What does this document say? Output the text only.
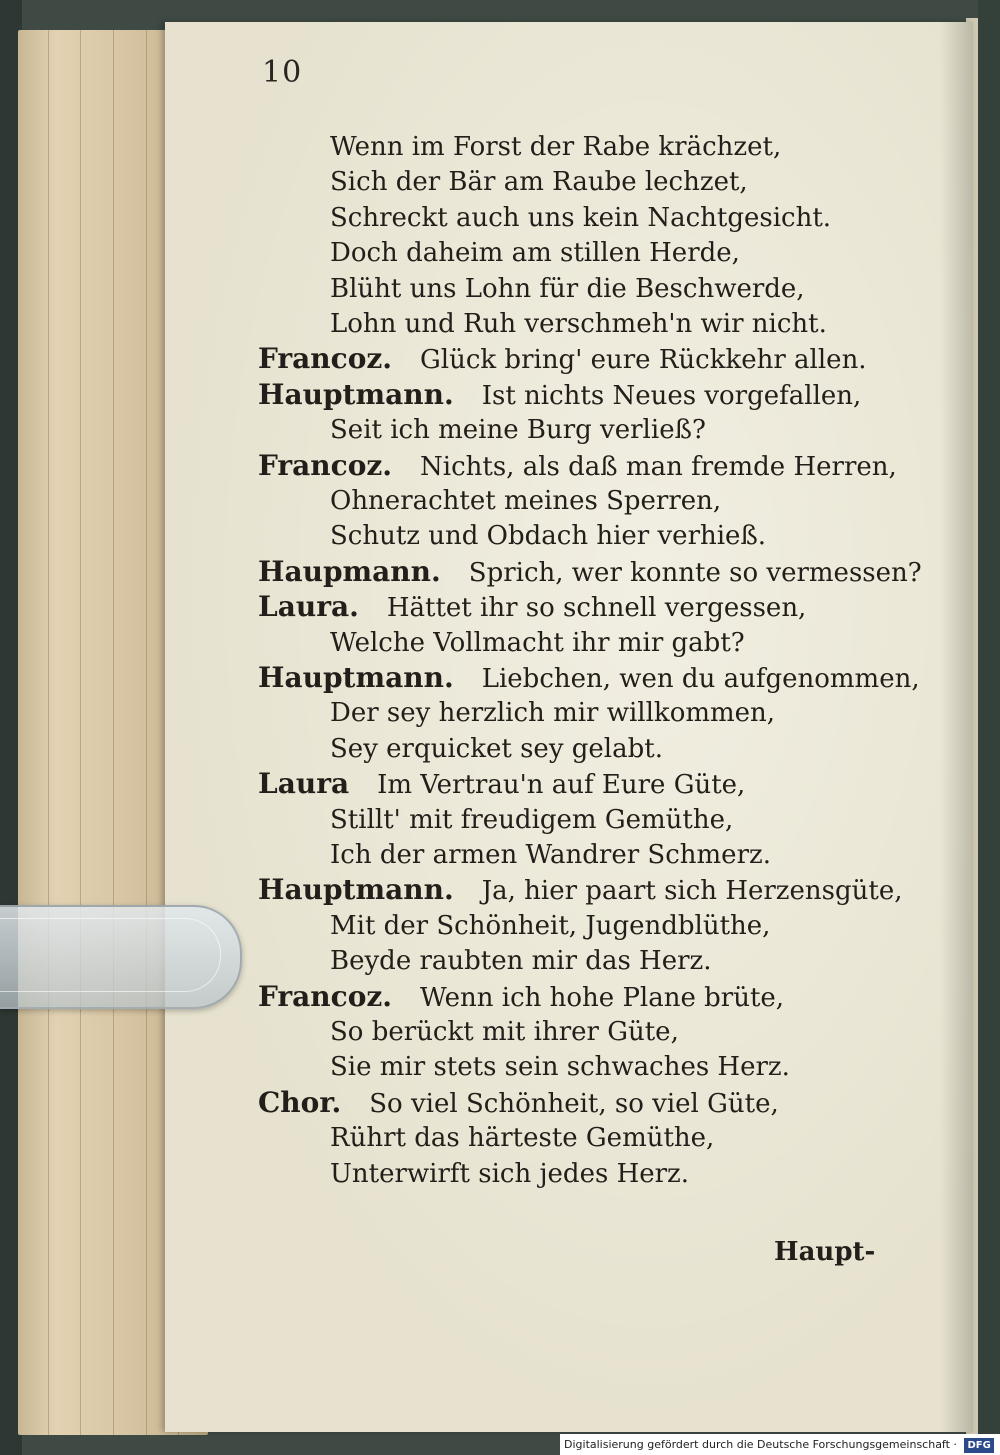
10
Wenn im Forst der Rabe krächzet,
Sich der Bär am Raube lechzet,
Schreckt auch uns kein Nachtgesicht.
Doch daheim am stillen Herde,
Blüht uns Lohn für die Beschwerde,
Lohn und Ruh verschmeh'n wir nicht.
Francoz. Glück bring' eure Rückkehr allen.
Hauptmann. Ist nichts Neues vorgefallen,
Seit ich meine Burg verließ?
Francoz. Nichts, als daß man fremde Herren,
Ohnerachtet meines Sperren,
Schutz und Obdach hier verhieß.
Haupmann. Sprich, wer konnte so vermessen?
Laura. Hättet ihr so schnell vergessen,
Welche Vollmacht ihr mir gabt?
Hauptmann. Liebchen, wen du aufgenommen,
Der sey herzlich mir willkommen,
Sey erquicket sey gelabt.
Laura Im Vertrau'n auf Eure Güte,
Stillt' mit freudigem Gemüthe,
Ich der armen Wandrer Schmerz.
Hauptmann. Ja, hier paart sich Herzensgüte,
Mit der Schönheit, Jugendblüthe,
Beyde raubten mir das Herz.
Francoz. Wenn ich hohe Plane brüte,
So berückt mit ihrer Güte,
Sie mir stets sein schwaches Herz.
Chor. So viel Schönheit, so viel Güte,
Rührt das härteste Gemüthe,
Unterwirft sich jedes Herz.
Haupt-
Digitalisierung gefördert durch die Deutsche Forschungsgemeinschaft · DFG
